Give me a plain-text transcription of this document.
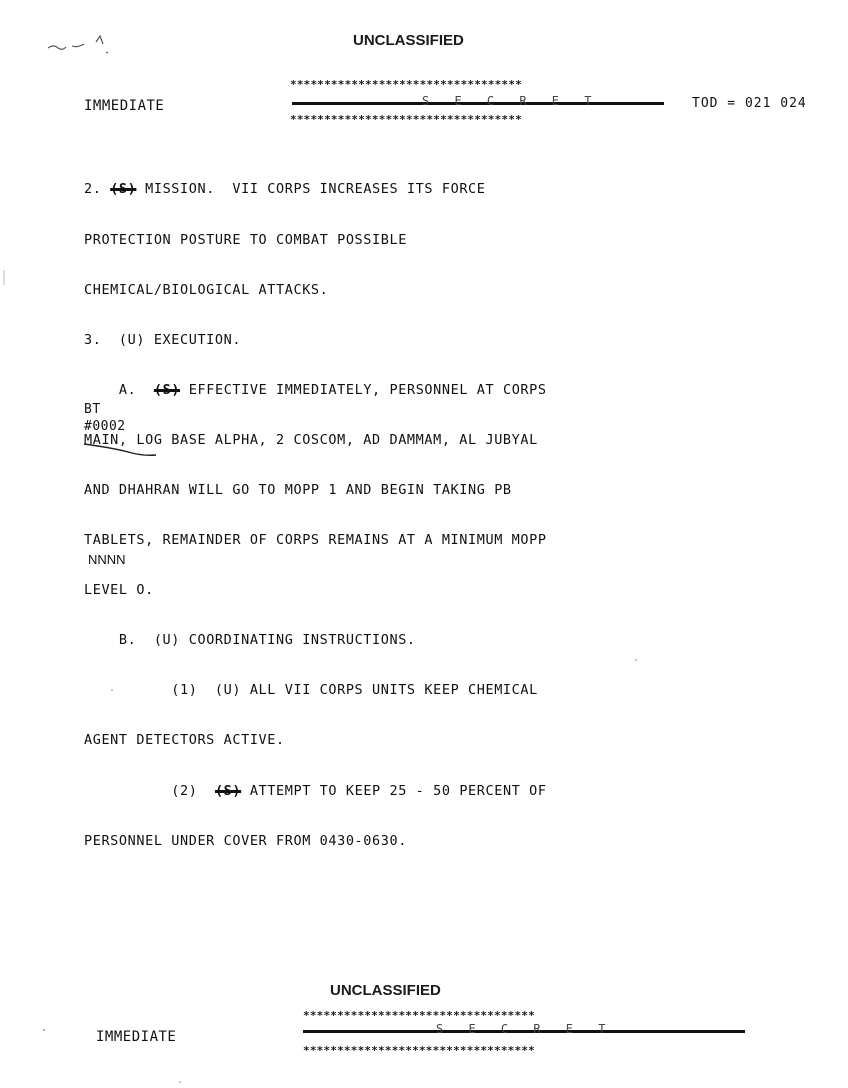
UNCLASSIFIED
IMMEDIATE
**********************************
S E C R E T
**********************************
TOD = 021 024

2. (S) MISSION.  VII CORPS INCREASES ITS FORCE

PROTECTION POSTURE TO COMBAT POSSIBLE

CHEMICAL/BIOLOGICAL ATTACKS.

3.  (U) EXECUTION.

A. (S) EFFECTIVE IMMEDIATELY, PERSONNEL AT CORPS

MAIN, LOG BASE ALPHA, 2 COSCOM, AD DAMMAM, AL JUBYAL

AND DHAHRAN WILL GO TO MOPP 1 AND BEGIN TAKING PB

TABLETS, REMAINDER OF CORPS REMAINS AT A MINIMUM MOPP

LEVEL O.

B.  (U) COORDINATING INSTRUCTIONS.

(1)  (U) ALL VII CORPS UNITS KEEP CHEMICAL

AGENT DETECTORS ACTIVE.

(2) (S) ATTEMPT TO KEEP 25 - 50 PERCENT OF

PERSONNEL UNDER COVER FROM 0430-0630.

BT
#0002
NNNN
UNCLASSIFIED
IMMEDIATE
**********************************
S E C R E T
**********************************
